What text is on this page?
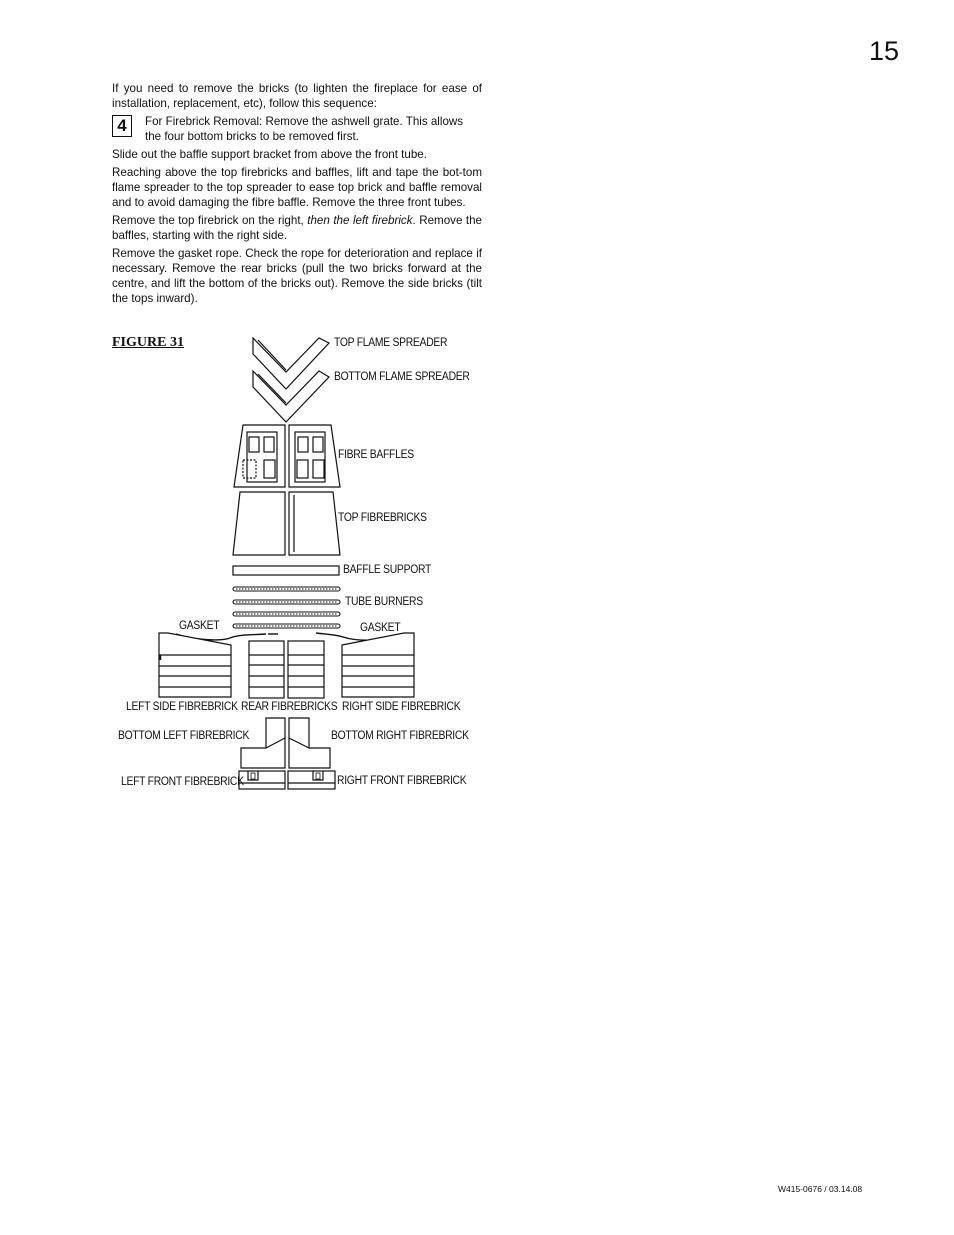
15

If you need to remove the bricks (to lighten the fireplace for ease of installation, replacement, etc), follow this sequence:

4	For Firebrick Removal: Remove the ashwell grate. This allows the four bottom bricks to be removed first.

Slide out the baffle support bracket from above the front tube.

Reaching above the top firebricks and baffles, lift and tape the bot-tom flame spreader to the top spreader to ease top brick and baffle removal and to avoid damaging the fibre baffle. Remove the three front tubes.

Remove the top firebrick on the right, then the left firebrick. Remove the baffles, starting with the right side.

Remove the gasket rope. Check the rope for deterioration and replace if necessary. Remove the rear bricks (pull the two bricks forward at the centre, and lift the bottom of the bricks out). Remove the side bricks (tilt the tops inward).

FIGURE 31	TOP FLAME SPREADER
BOTTOM FLAME SPREADER
FIBRE BAFFLES
TOP FIBREBRICKS
BAFFLE SUPPORT
TUBE BURNERS
GASKET	GASKET
LEFT SIDE FIBREBRICK REAR FIBREBRICKS RIGHT SIDE FIBREBRICK
BOTTOM LEFT FIBREBRICK	BOTTOM RIGHT FIBREBRICK
LEFT FRONT FIBREBRICK	RIGHT FRONT FIBREBRICK
W415-0676 / 03.14.08
